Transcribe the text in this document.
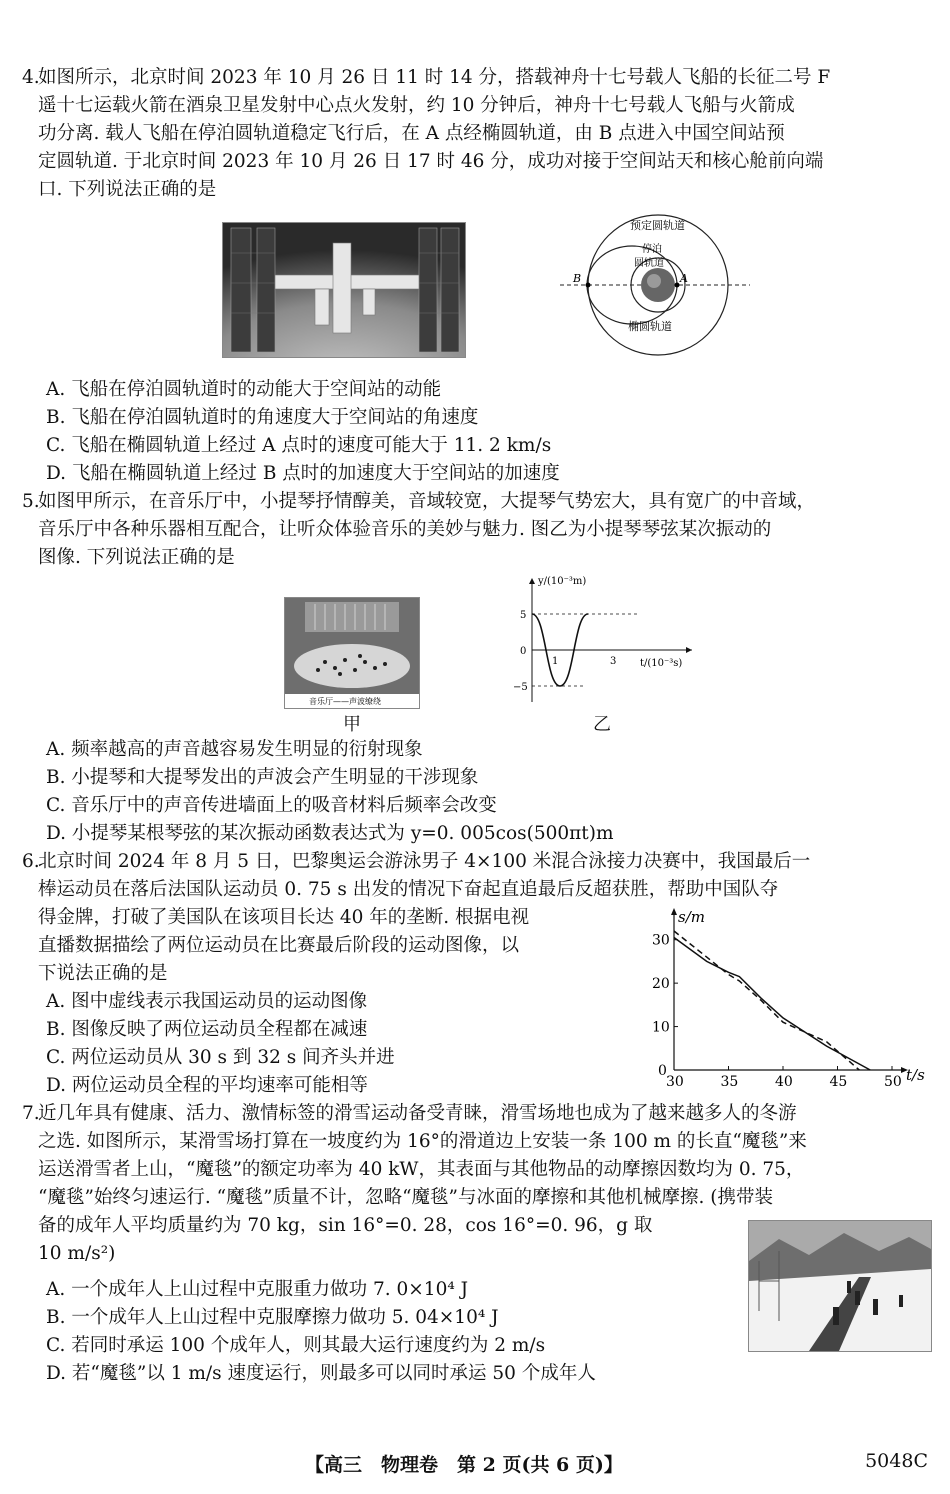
4.
如图所示，北京时间 2023 年 10 月 26 日 11 时 14 分，搭载神舟十七号载人飞船的长征二号 F
遥十七运载火箭在酒泉卫星发射中心点火发射，约 10 分钟后，神舟十七号载人飞船与火箭成
功分离. 载人飞船在停泊圆轨道稳定飞行后，在 A 点经椭圆轨道，由 B 点进入中国空间站预
定圆轨道. 于北京时间 2023 年 10 月 26 日 17 时 46 分，成功对接于空间站天和核心舱前向端
口. 下列说法正确的是
预定圆轨道
停泊
圆轨道
椭圆轨道
A
B
A. 飞船在停泊圆轨道时的动能大于空间站的动能
B. 飞船在停泊圆轨道时的角速度大于空间站的角速度
C. 飞船在椭圆轨道上经过 A 点时的速度可能大于 11. 2 km/s
D. 飞船在椭圆轨道上经过 B 点时的加速度大于空间站的加速度
5.
如图甲所示，在音乐厅中，小提琴抒情醇美，音域较宽，大提琴气势宏大，具有宽广的中音域，
音乐厅中各种乐器相互配合，让听众体验音乐的美妙与魅力. 图乙为小提琴琴弦某次振动的
图像. 下列说法正确的是
音乐厅——声波缭绕
甲
y/(10⁻³m)
t/(10⁻³s)
5
0
−5
1	3
乙
A. 频率越高的声音越容易发生明显的衍射现象
B. 小提琴和大提琴发出的声波会产生明显的干涉现象
C. 音乐厅中的声音传进墙面上的吸音材料后频率会改变
D. 小提琴某根琴弦的某次振动函数表达式为 y=0. 005cos(500πt)m
6.
北京时间 2024 年 8 月 5 日，巴黎奥运会游泳男子 4×100 米混合泳接力决赛中，我国最后一
棒运动员在落后法国队运动员 0. 75 s 出发的情况下奋起直追最后反超获胜，帮助中国队夺
得金牌，打破了美国队在该项目长达 40 年的垄断. 根据电视
直播数据描绘了两位运动员在比赛最后阶段的运动图像，以
下说法正确的是
30	35	40	45	50
0
10
20
30
s/m
t/s
A. 图中虚线表示我国运动员的运动图像
B. 图像反映了两位运动员全程都在减速
C. 两位运动员从 30 s 到 32 s 间齐头并进
D. 两位运动员全程的平均速率可能相等
7.
近几年具有健康、活力、激情标签的滑雪运动备受青睐，滑雪场地也成为了越来越多人的冬游
之选. 如图所示，某滑雪场打算在一坡度约为 16°的滑道边上安装一条 100 m 的长直“魔毯”来
运送滑雪者上山，“魔毯”的额定功率为 40 kW，其表面与其他物品的动摩擦因数均为 0. 75，
“魔毯”始终匀速运行. “魔毯”质量不计，忽略“魔毯”与冰面的摩擦和其他机械摩擦. (携带装
备的成年人平均质量约为 70 kg，sin 16°=0. 28，cos 16°=0. 96，g 取
10 m/s²)
A. 一个成年人上山过程中克服重力做功 7. 0×10⁴ J
B. 一个成年人上山过程中克服摩擦力做功 5. 04×10⁴ J
C. 若同时承运 100 个成年人，则其最大运行速度约为 2 m/s
D. 若“魔毯”以 1 m/s 速度运行，则最多可以同时承运 50 个成年人
【高三　物理卷　第 2 页(共 6 页)】	5048C
